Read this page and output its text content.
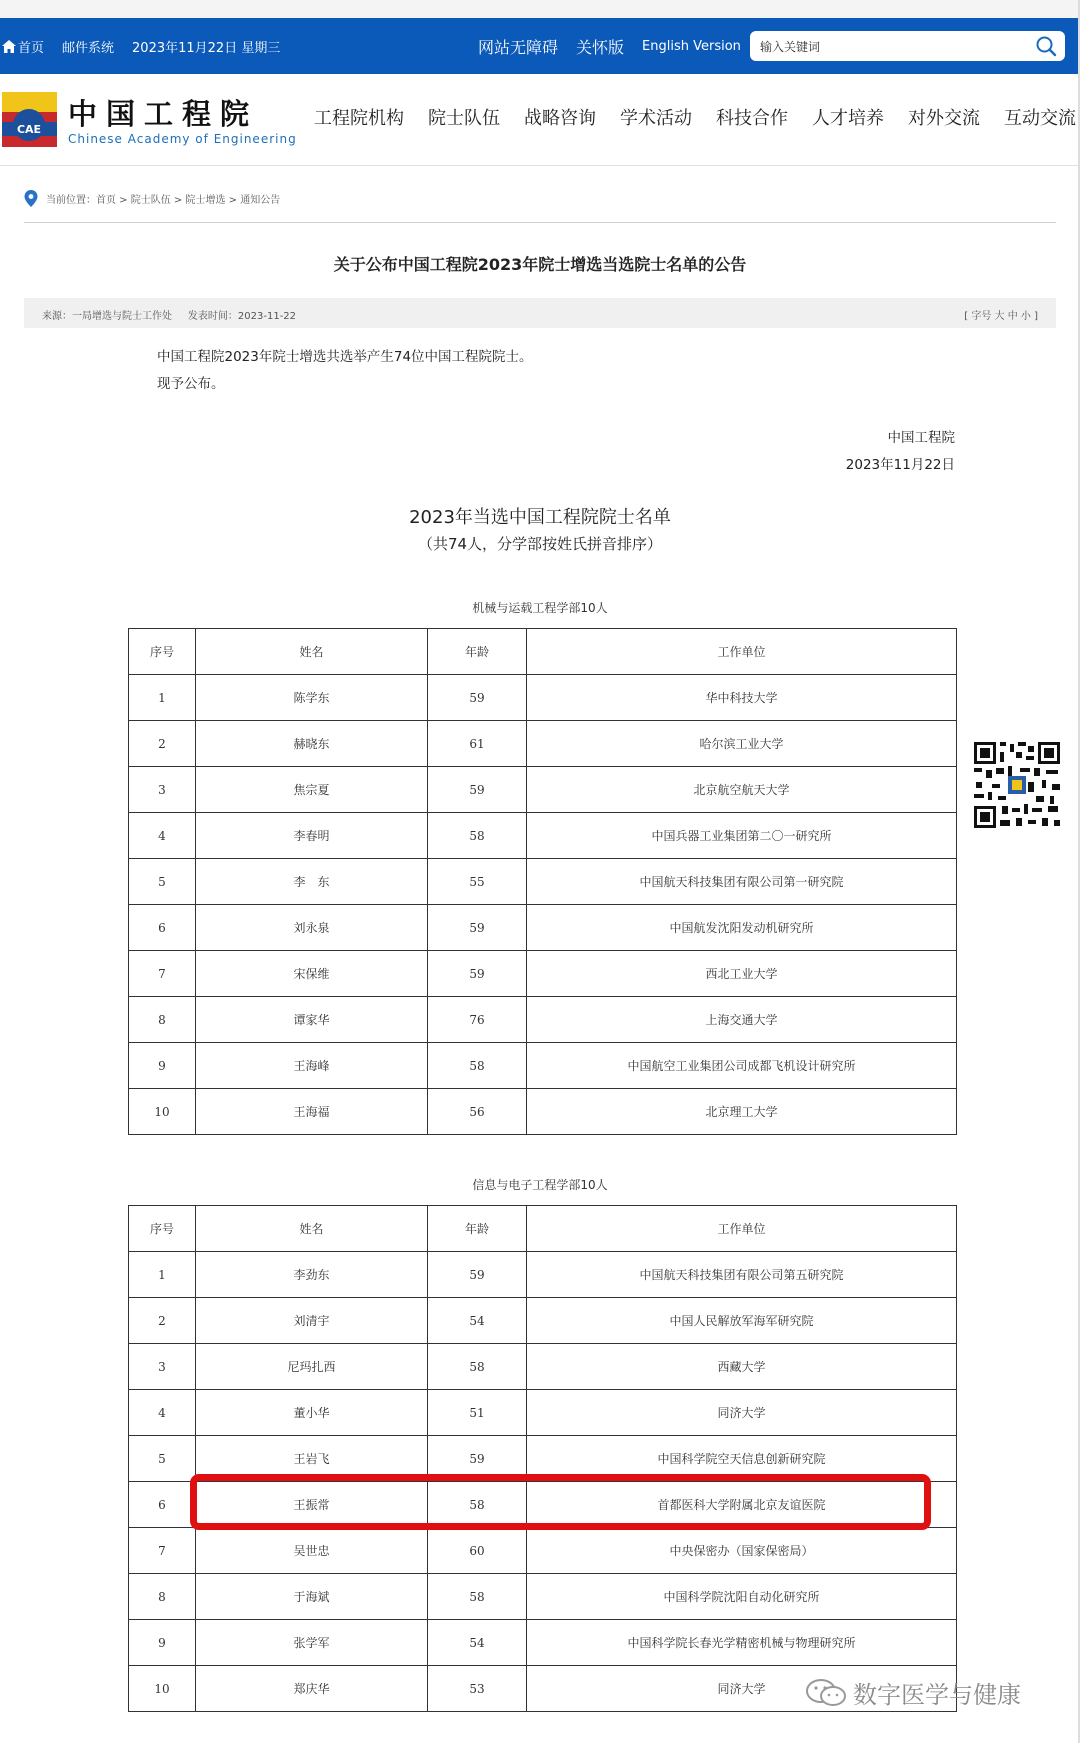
首页 邮件系统 2023年11月22日 星期三	网站无障碍 关怀版 English Version 输入关键词
CAE 中国工程院
Chinese Academy of Engineering
工程院机构 院士队伍 战略咨询 学术活动 科技合作 人才培养 对外交流 互动交流
当前位置： 首页 > 院士队伍 > 院士增选 > 通知公告
关于公布中国工程院2023年院士增选当选院士名单的公告
来源：一局增选与院士工作处 发表时间：2023-11-22	[ 字号 大 中 小 ]
中国工程院2023年院士增选共选举产生74位中国工程院院士。
现予公布。
中国工程院
2023年11月22日
2023年当选中国工程院院士名单
（共74人，分学部按姓氏拼音排序）
机械与运载工程学部10人
序号	姓名	年龄	工作单位
1	陈学东	59	华中科技大学
2	赫晓东	61	哈尔滨工业大学
3	焦宗夏	59	北京航空航天大学
4	李春明	58	中国兵器工业集团第二〇一研究所
5	李　东	55	中国航天科技集团有限公司第一研究院
6	刘永泉	59	中国航发沈阳发动机研究所
7	宋保维	59	西北工业大学
8	谭家华	76	上海交通大学
9	王海峰	58	中国航空工业集团公司成都飞机设计研究所
10	王海福	56	北京理工大学
信息与电子工程学部10人
序号	姓名	年龄	工作单位
1	李劲东	59	中国航天科技集团有限公司第五研究院
2	刘清宇	54	中国人民解放军海军研究院
3	尼玛扎西	58	西藏大学
4	董小华	51	同济大学
5	王岩飞	59	中国科学院空天信息创新研究院
6	王振常	58	首都医科大学附属北京友谊医院
7	吴世忠	60	中央保密办（国家保密局）
8	于海斌	58	中国科学院沈阳自动化研究所
9	张学军	54	中国科学院长春光学精密机械与物理研究所
10	郑庆华	53	同济大学	数字医学与健康
